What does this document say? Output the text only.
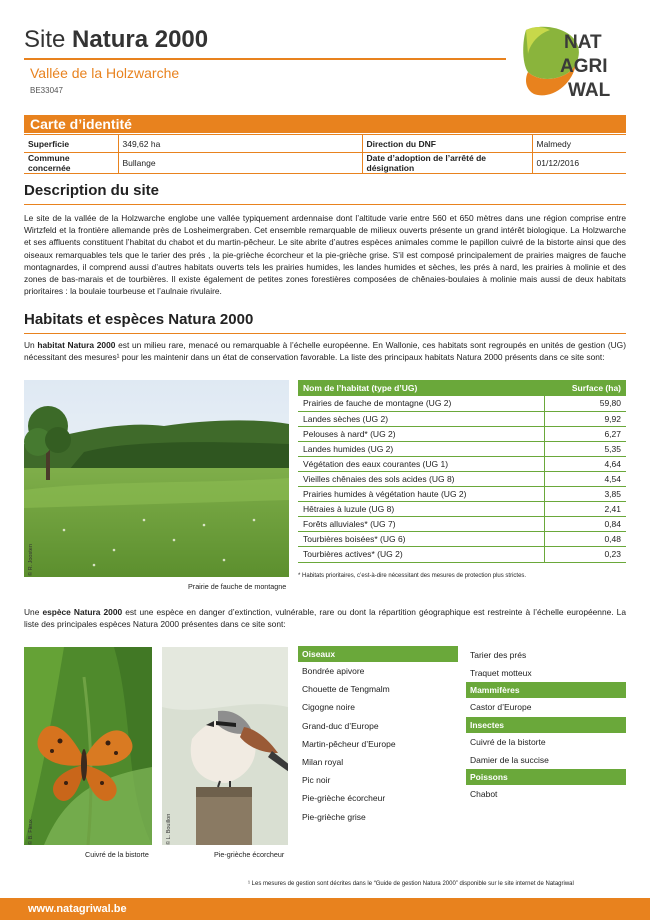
Site Natura 2000
Vallée de la Holzwarche
BE33047
NAT
AGRI
WAL
Carte d’identité
Superficie	349,62 ha	Direction du DNF	Malmedy
Commune concernée	Bullange	Date d’adoption de l’arrêté de désignation	01/12/2016
Description du site
Le site de la vallée de la Holzwarche englobe une vallée typiquement ardennaise dont l’altitude varie entre 560 et 650 mètres dans une région comprise entre Wirtzfeld et la frontière allemande près de Losheimergraben. Cet ensemble remarquable de milieux ouverts présente un grand intérêt biologique. La Holzwarche et ses affluents constituent l’habitat du chabot et du martin-pêcheur. Le site abrite d’autres espèces animales comme le papillon cuivré de la bistorte ainsi que des oiseaux remarquables tels que le tarier des prés , la pie-grièche écorcheur et la pie-grièche grise. S’il est composé principalement de prairies maigres de fauche montagnardes, il comprend aussi d’autres habitats ouverts tels les prairies humides, les landes humides et sèches, les prés à nard, les prairies à molinie et des zones de bas-marais et de tourbières. Il existe également de petites zones forestières composées de chênaies-boulaies à molinie mais aussi de deux habitats prioritaires : la boulaie tourbeuse et l’aulnaie rivulaire.
Habitats et espèces Natura 2000
Un habitat Natura 2000 est un milieu rare, menacé ou remarquable à l’échelle européenne. En Wallonie, ces habitats sont regroupés en unités de gestion (UG) nécessitant des mesures¹ pour les maintenir dans un état de conservation favorable. La liste des principaux habitats Natura 2000 présents dans ce site sont:
© R. Joosten
Prairie de fauche de montagne
Nom de l’habitat (type d’UG)	Surface (ha)
Prairies de fauche de montagne (UG 2)	59,80
Landes sèches (UG 2)	9,92
Pelouses à nard* (UG 2)	6,27
Landes humides (UG 2)	5,35
Végétation des eaux courantes (UG 1)	4,64
Vieilles chênaies des sols acides (UG 8)	4,54
Prairies humides à végétation haute (UG 2)	3,85
Hêtraies à luzule (UG 8)	2,41
Forêts alluviales* (UG 7)	0,84
Tourbières boisées* (UG 6)	0,48
Tourbières actives* (UG 2)	0,23
* Habitats prioritaires, c’est-à-dire nécessitant des mesures de protection plus strictes.
Une espèce Natura 2000 est une espèce en danger d’extinction, vulnérable, rare ou dont la répartition géographique est restreinte à l’échelle européenne. La liste des principales espèces Natura 2000 présentes dans ce site sont:
© B. Fieux
Cuivré de la bistorte
© L. Bouillon
Pie-grièche écorcheur
Oiseaux
Bondrée apivore
Chouette de Tengmalm
Cigogne noire
Grand-duc d’Europe
Martin-pêcheur d’Europe
Milan royal
Pic noir
Pie-grièche écorcheur
Pie-grièche grise
Tarier des prés
Traquet motteux
Mammifères
Castor d’Europe
Insectes
Cuivré de la bistorte
Damier de la succise
Poissons
Chabot
¹ Les mesures de gestion sont décrites dans le “Guide de gestion Natura 2000” disponible sur le site internet de Natagriwal
www.natagriwal.be
